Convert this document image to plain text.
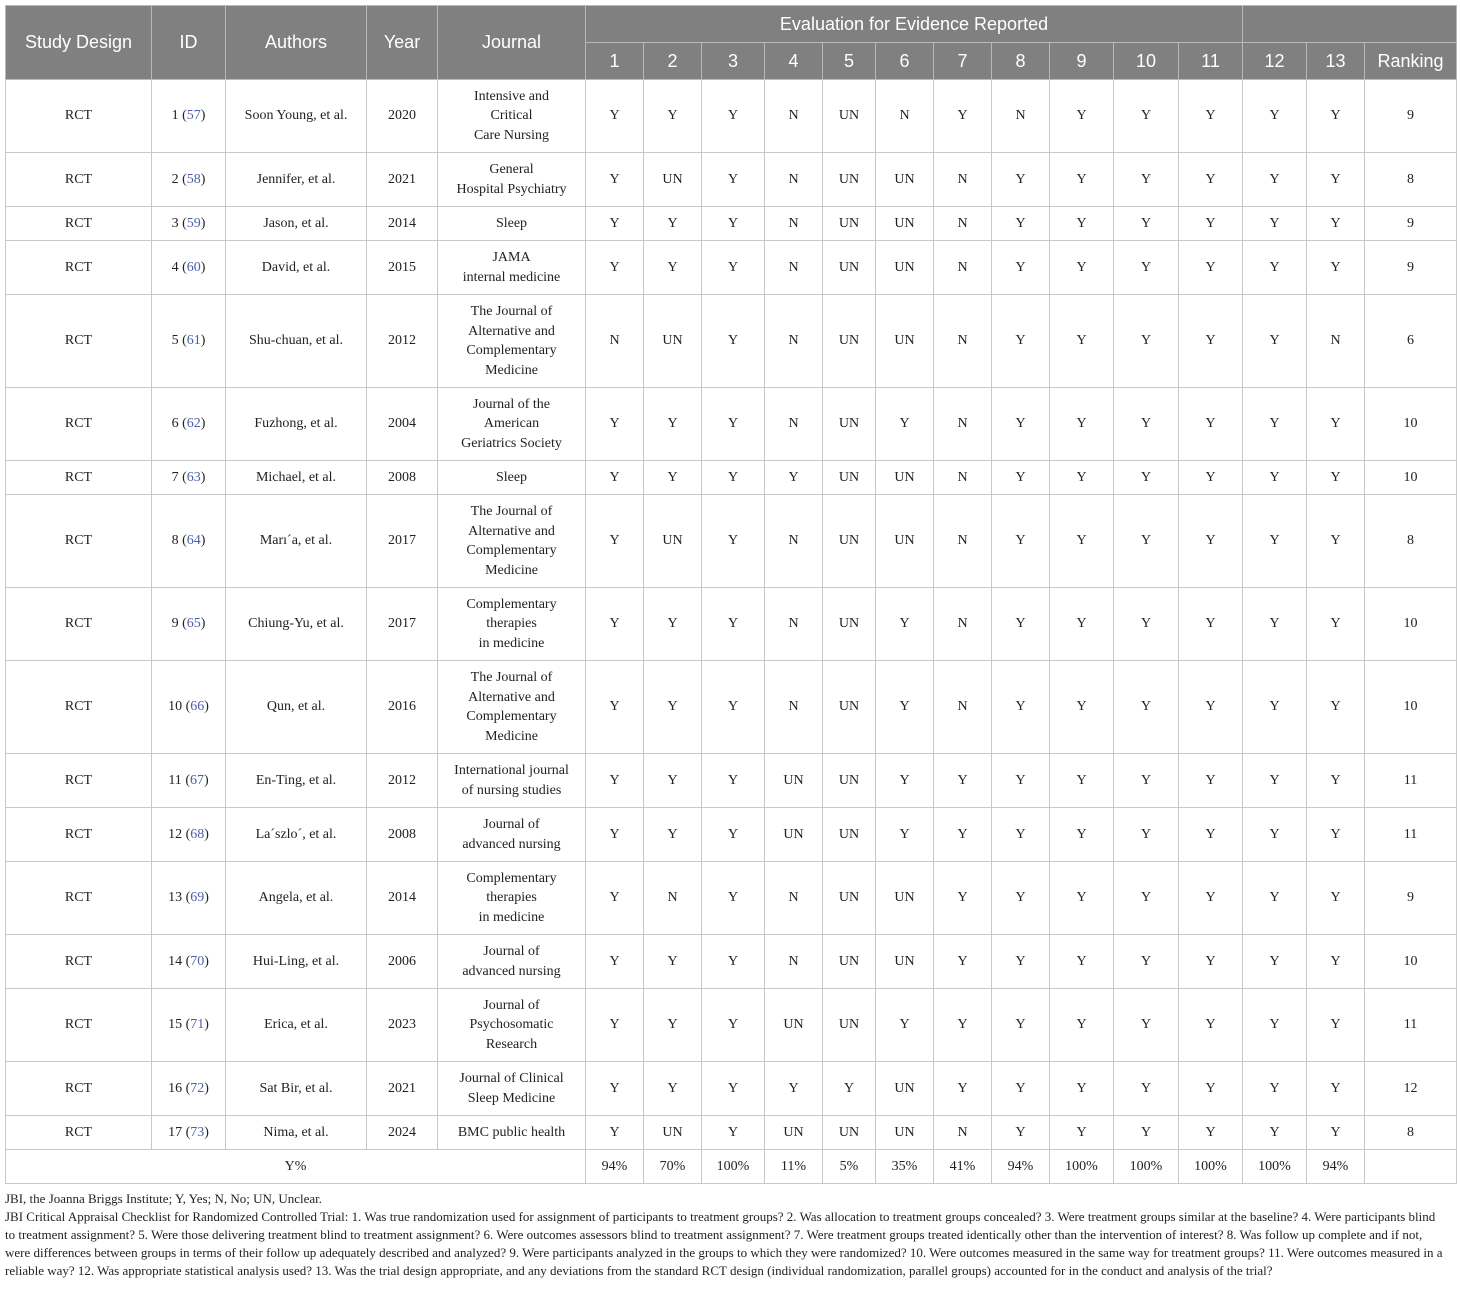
Study Design	ID	Authors	Year	Journal	Evaluation for Evidence Reported													
					1	2	3	4	5	6	7	8	9	10	11	12	13	Ranking
RCT	1 (57)	Soon Young, et al.	2020	Intensive and
Critical
Care Nursing	Y	Y	Y	N	UN	N	Y	N	Y	Y	Y	Y	Y	9
RCT	2 (58)	Jennifer, et al.	2021	General
Hospital Psychiatry	Y	UN	Y	N	UN	UN	N	Y	Y	Y	Y	Y	Y	8
RCT	3 (59)	Jason, et al.	2014	Sleep	Y	Y	Y	N	UN	UN	N	Y	Y	Y	Y	Y	Y	9
RCT	4 (60)	David, et al.	2015	JAMA
internal medicine	Y	Y	Y	N	UN	UN	N	Y	Y	Y	Y	Y	Y	9
RCT	5 (61)	Shu-chuan, et al.	2012	The Journal of
Alternative and
Complementary
Medicine	N	UN	Y	N	UN	UN	N	Y	Y	Y	Y	Y	N	6
RCT	6 (62)	Fuzhong, et al.	2004	Journal of the
American
Geriatrics Society	Y	Y	Y	N	UN	Y	N	Y	Y	Y	Y	Y	Y	10
RCT	7 (63)	Michael, et al.	2008	Sleep	Y	Y	Y	Y	UN	UN	N	Y	Y	Y	Y	Y	Y	10
RCT	8 (64)	Marı´a, et al.	2017	The Journal of
Alternative and
Complementary
Medicine	Y	UN	Y	N	UN	UN	N	Y	Y	Y	Y	Y	Y	8
RCT	9 (65)	Chiung-Yu, et al.	2017	Complementary
therapies
in medicine	Y	Y	Y	N	UN	Y	N	Y	Y	Y	Y	Y	Y	10
RCT	10 (66)	Qun, et al.	2016	The Journal of
Alternative and
Complementary
Medicine	Y	Y	Y	N	UN	Y	N	Y	Y	Y	Y	Y	Y	10
RCT	11 (67)	En-Ting, et al.	2012	International journal
of nursing studies	Y	Y	Y	UN	UN	Y	Y	Y	Y	Y	Y	Y	Y	11
RCT	12 (68)	La´szlo´, et al.	2008	Journal of
advanced nursing	Y	Y	Y	UN	UN	Y	Y	Y	Y	Y	Y	Y	Y	11
RCT	13 (69)	Angela, et al.	2014	Complementary
therapies
in medicine	Y	N	Y	N	UN	UN	Y	Y	Y	Y	Y	Y	Y	9
RCT	14 (70)	Hui-Ling, et al.	2006	Journal of
advanced nursing	Y	Y	Y	N	UN	UN	Y	Y	Y	Y	Y	Y	Y	10
RCT	15 (71)	Erica, et al.	2023	Journal of
Psychosomatic
Research	Y	Y	Y	UN	UN	Y	Y	Y	Y	Y	Y	Y	Y	11
RCT	16 (72)	Sat Bir, et al.	2021	Journal of Clinical
Sleep Medicine	Y	Y	Y	Y	Y	UN	Y	Y	Y	Y	Y	Y	Y	12
RCT	17 (73)	Nima, et al.	2024	BMC public health	Y	UN	Y	UN	UN	UN	N	Y	Y	Y	Y	Y	Y	8
Y%					94%	70%	100%	11%	5%	35%	41%	94%	100%	100%	100%	100%	94%	

JBI, the Joanna Briggs Institute; Y, Yes; N, No; UN, Unclear.

JBI Critical Appraisal Checklist for Randomized Controlled Trial: 1. Was true randomization used for assignment of participants to treatment groups? 2. Was allocation to treatment groups concealed? 3. Were treatment groups similar at the baseline? 4. Were participants blind to treatment assignment? 5. Were those delivering treatment blind to treatment assignment? 6. Were outcomes assessors blind to treatment assignment? 7. Were treatment groups treated identically other than the intervention of interest? 8. Was follow up complete and if not, were differences between groups in terms of their follow up adequately described and analyzed? 9. Were participants analyzed in the groups to which they were randomized? 10. Were outcomes measured in the same way for treatment groups? 11. Were outcomes measured in a reliable way? 12. Was appropriate statistical analysis used? 13. Was the trial design appropriate, and any deviations from the standard RCT design (individual randomization, parallel groups) accounted for in the conduct and analysis of the trial?
